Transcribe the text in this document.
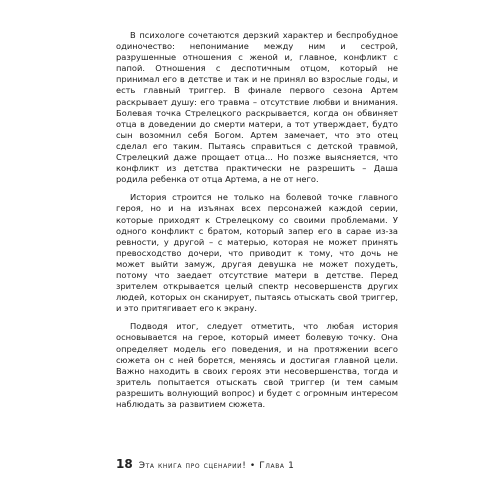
В психологе сочетаются дерзкий характер и беспробудное одиночество: непонимание между ним и сестрой, разрушенные отношения с женой и, главное, конфликт с папой. Отношения с деспотичным отцом, который не принимал его в детстве и так и не принял во взрослые годы, и есть главный триггер. В финале первого сезона Артем раскрывает душу: его травма – отсутствие любви и внимания. Болевая точка Стрелецкого раскрывается, когда он обвиняет отца в доведении до смерти матери, а тот утверждает, будто сын возомнил себя Богом. Артем замечает, что это отец сделал его таким. Пытаясь справиться с детской травмой, Стрелецкий даже прощает отца... Но позже выясняется, что конфликт из детства практически не разрешить – Даша родила ребенка от отца Артема, а не от него.

История строится не только на болевой точке главного героя, но и на изъянах всех персонажей каждой серии, которые приходят к Стрелецкому со своими проблемами. У одного конфликт с братом, который запер его в сарае из-за ревности, у другой – с матерью, которая не может принять превосходство дочери, что приводит к тому, что дочь не может выйти замуж, другая девушка не может похудеть, потому что заедает отсутствие матери в детстве. Перед зрителем открывается целый спектр несовершенств других людей, которых он сканирует, пытаясь отыскать свой триггер, и это притягивает его к экрану.

Подводя итог, следует отметить, что любая история основывается на герое, который имеет болевую точку. Она определяет модель его поведения, и на протяжении всего сюжета он с ней борется, меняясь и достигая главной цели. Важно находить в своих героях эти несовершенства, тогда и зритель попытается отыскать свой триггер (и тем самым разрешить волнующий вопрос) и будет с огромным интересом наблюдать за развитием сюжета.

18 Эта книга про сценарии! • Глава 1
